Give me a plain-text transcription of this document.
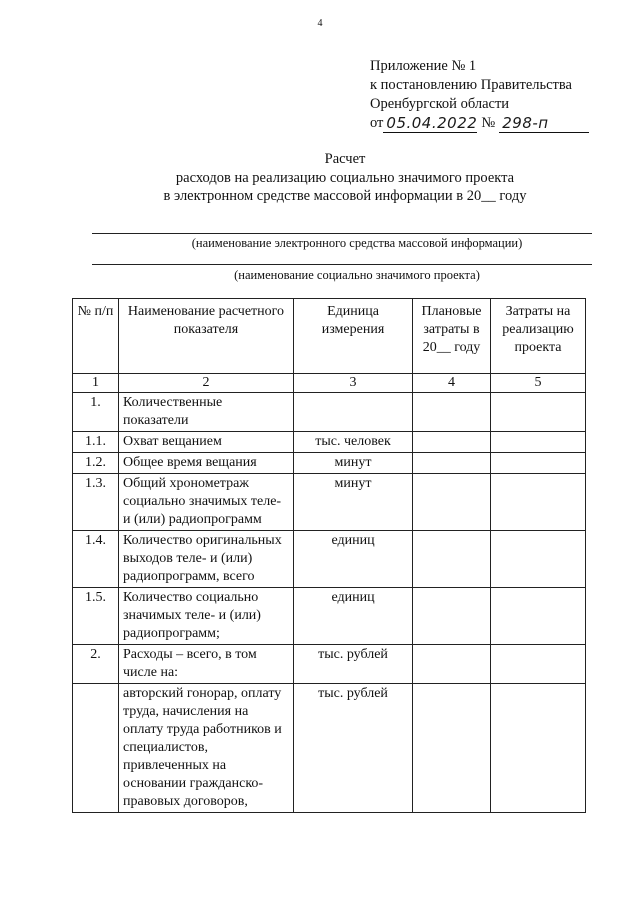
4
Приложение № 1
к постановлению Правительства
Оренбургской области
от 05.04.2022 № 298-п
Расчет
расходов на реализацию социально значимого проекта
в электронном средстве массовой информации в 20__ году
(наименование электронного средства массовой информации)
(наименование социально значимого проекта)
№ п/п	Наименование расчетного показателя	Единица измерения	Плановые затраты в 20__ году	Затраты на реализацию проекта
1	2	3	4	5
1.	Количественные показатели			
1.1.	Охват вещанием	тыс. человек		
1.2.	Общее время вещания	минут		
1.3.	Общий хронометраж социально значимых теле- и (или) радиопрограмм	минут		
1.4.	Количество оригинальных выходов теле- и (или) радиопрограмм, всего	единиц		
1.5.	Количество социально значимых теле- и (или) радиопрограмм;	единиц		
2.	Расходы – всего, в том числе на:	тыс. рублей		
	авторский гонорар, оплату труда, начисления на оплату труда работников и специалистов, привлеченных на основании гражданско-правовых договоров,	тыс. рублей		
